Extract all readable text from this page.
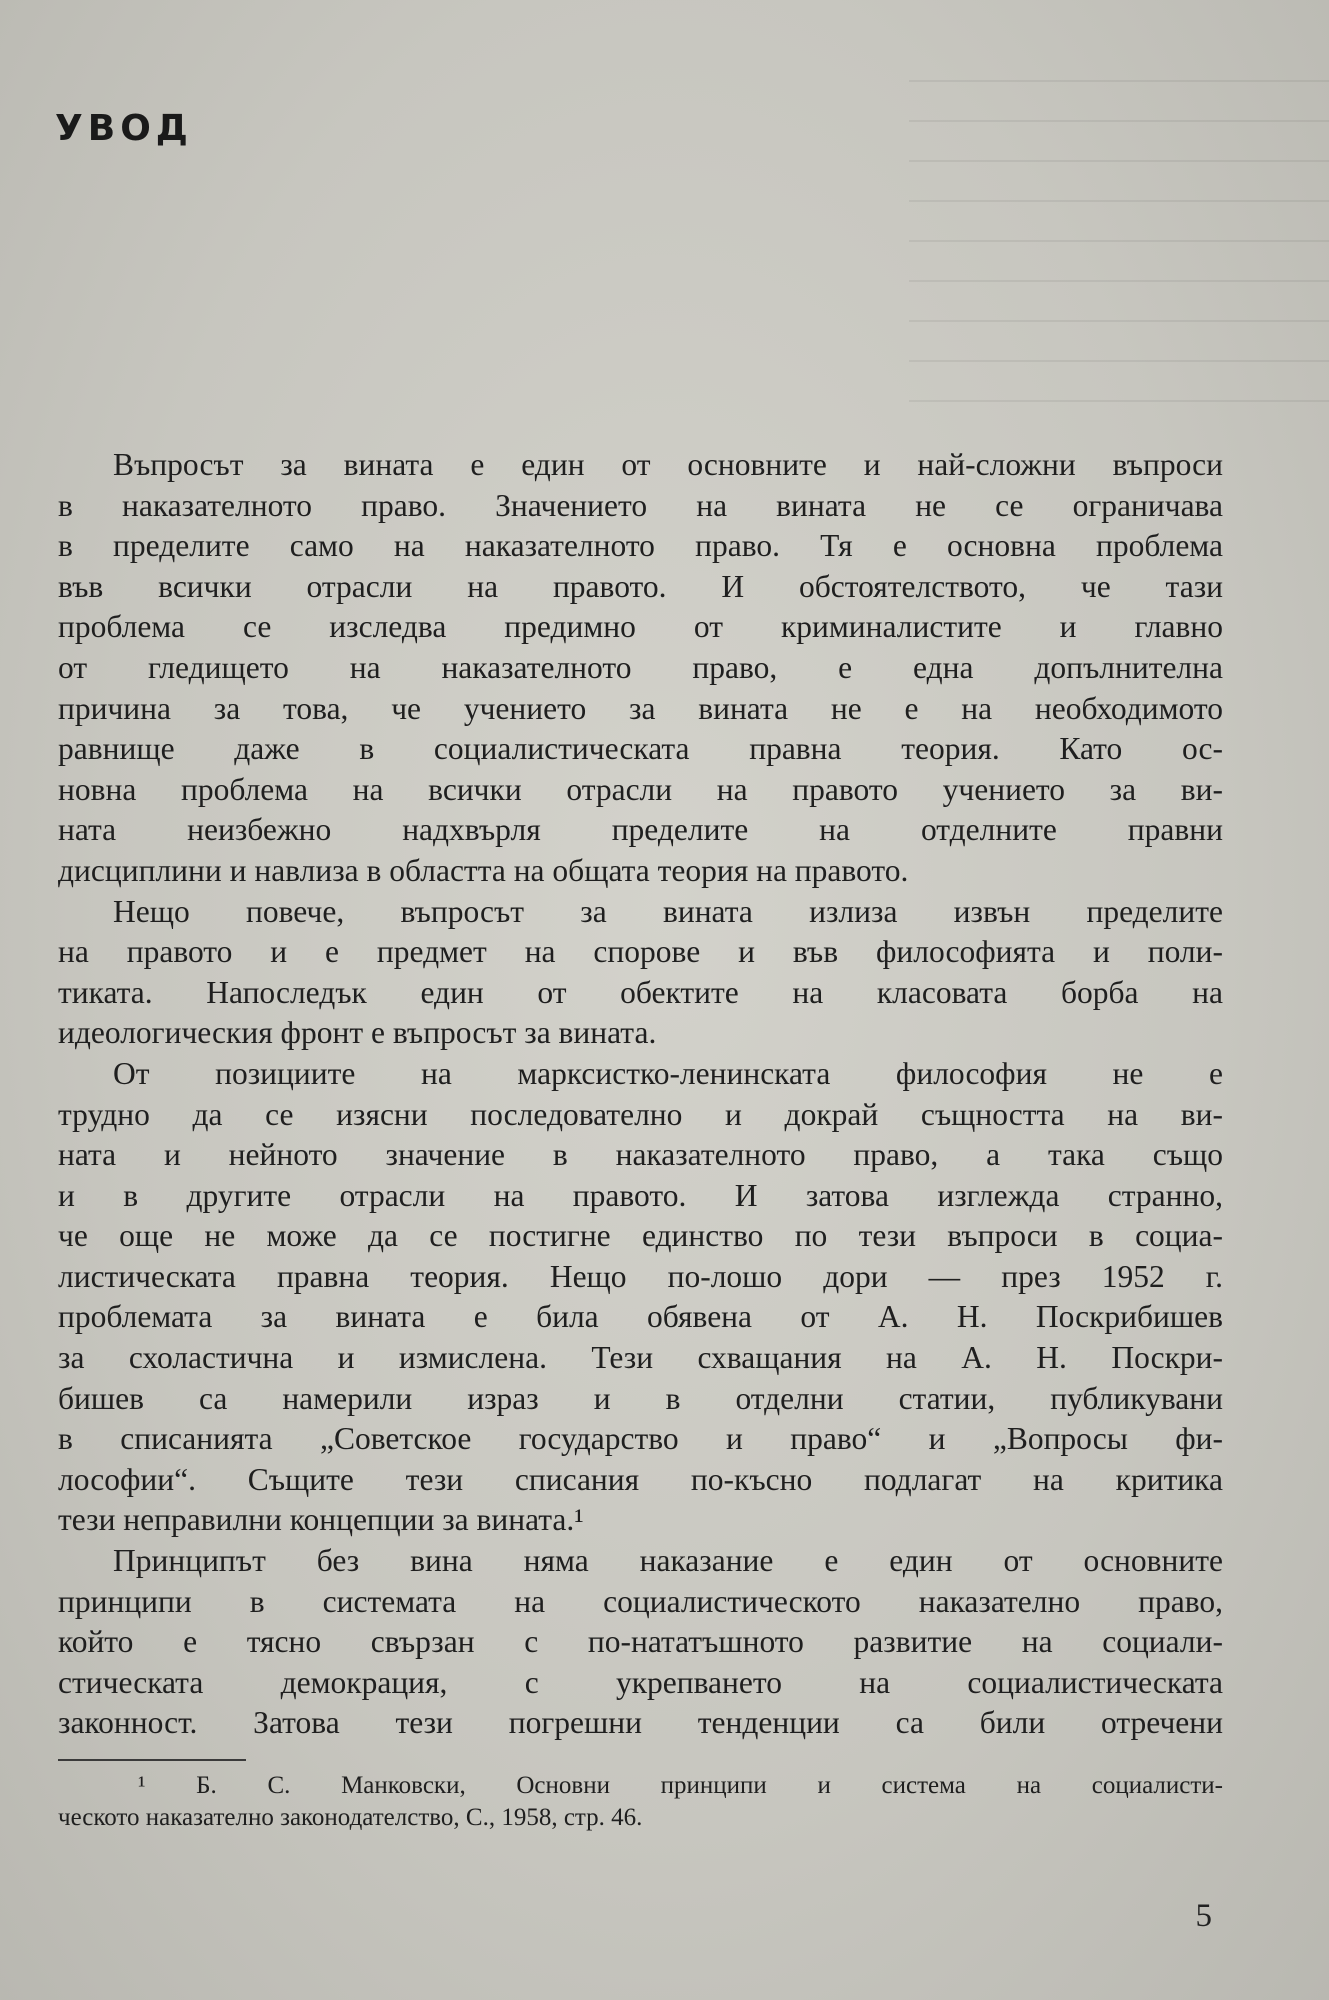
УВОД
Въпросът за вината е един от основните и най-сложни въпроси
в наказателното право. Значението на вината не се ограничава
в пределите само на наказателното право. Тя е основна проблема
във всички отрасли на правото. И обстоятелството, че тази
проблема се изследва предимно от криминалистите и главно
от гледището на наказателното право, е една допълнителна
причина за това, че учението за вината не е на необходимото
равнище даже в социалистическата правна теория. Като ос-
новна проблема на всички отрасли на правото учението за ви-
ната неизбежно надхвърля пределите на отделните правни
дисциплини и навлиза в областта на общата теория на правото.
Нещо повече, въпросът за вината излиза извън пределите
на правото и е предмет на спорове и във философията и поли-
тиката. Напоследък един от обектите на класовата борба на
идеологическия фронт е въпросът за вината.
От позициите на марксистко-ленинската философия не е
трудно да се изясни последователно и докрай същността на ви-
ната и нейното значение в наказателното право, а така също
и в другите отрасли на правото. И затова изглежда странно,
че още не може да се постигне единство по тези въпроси в социа-
листическата правна теория. Нещо по-лошо дори — през 1952 г.
проблемата за вината е била обявена от А. Н. Поскрибишев
за схоластична и измислена. Тези схващания на А. Н. Поскри-
бишев са намерили израз и в отделни статии, публикувани
в списанията „Советское государство и право“ и „Вопросы фи-
лософии“. Същите тези списания по-късно подлагат на критика
тези неправилни концепции за вината.¹
Принципът без вина няма наказание е един от основните
принципи в системата на социалистическото наказателно право,
който е тясно свързан с по-нататъшното развитие на социали-
стическата демокрация, с укрепването на социалистическата
законност. Затова тези погрешни тенденции са били отречени
¹ Б. С. Манковски, Основни принципи и система на социалисти-
ческото наказателно законодателство, С., 1958, стр. 46.
5
